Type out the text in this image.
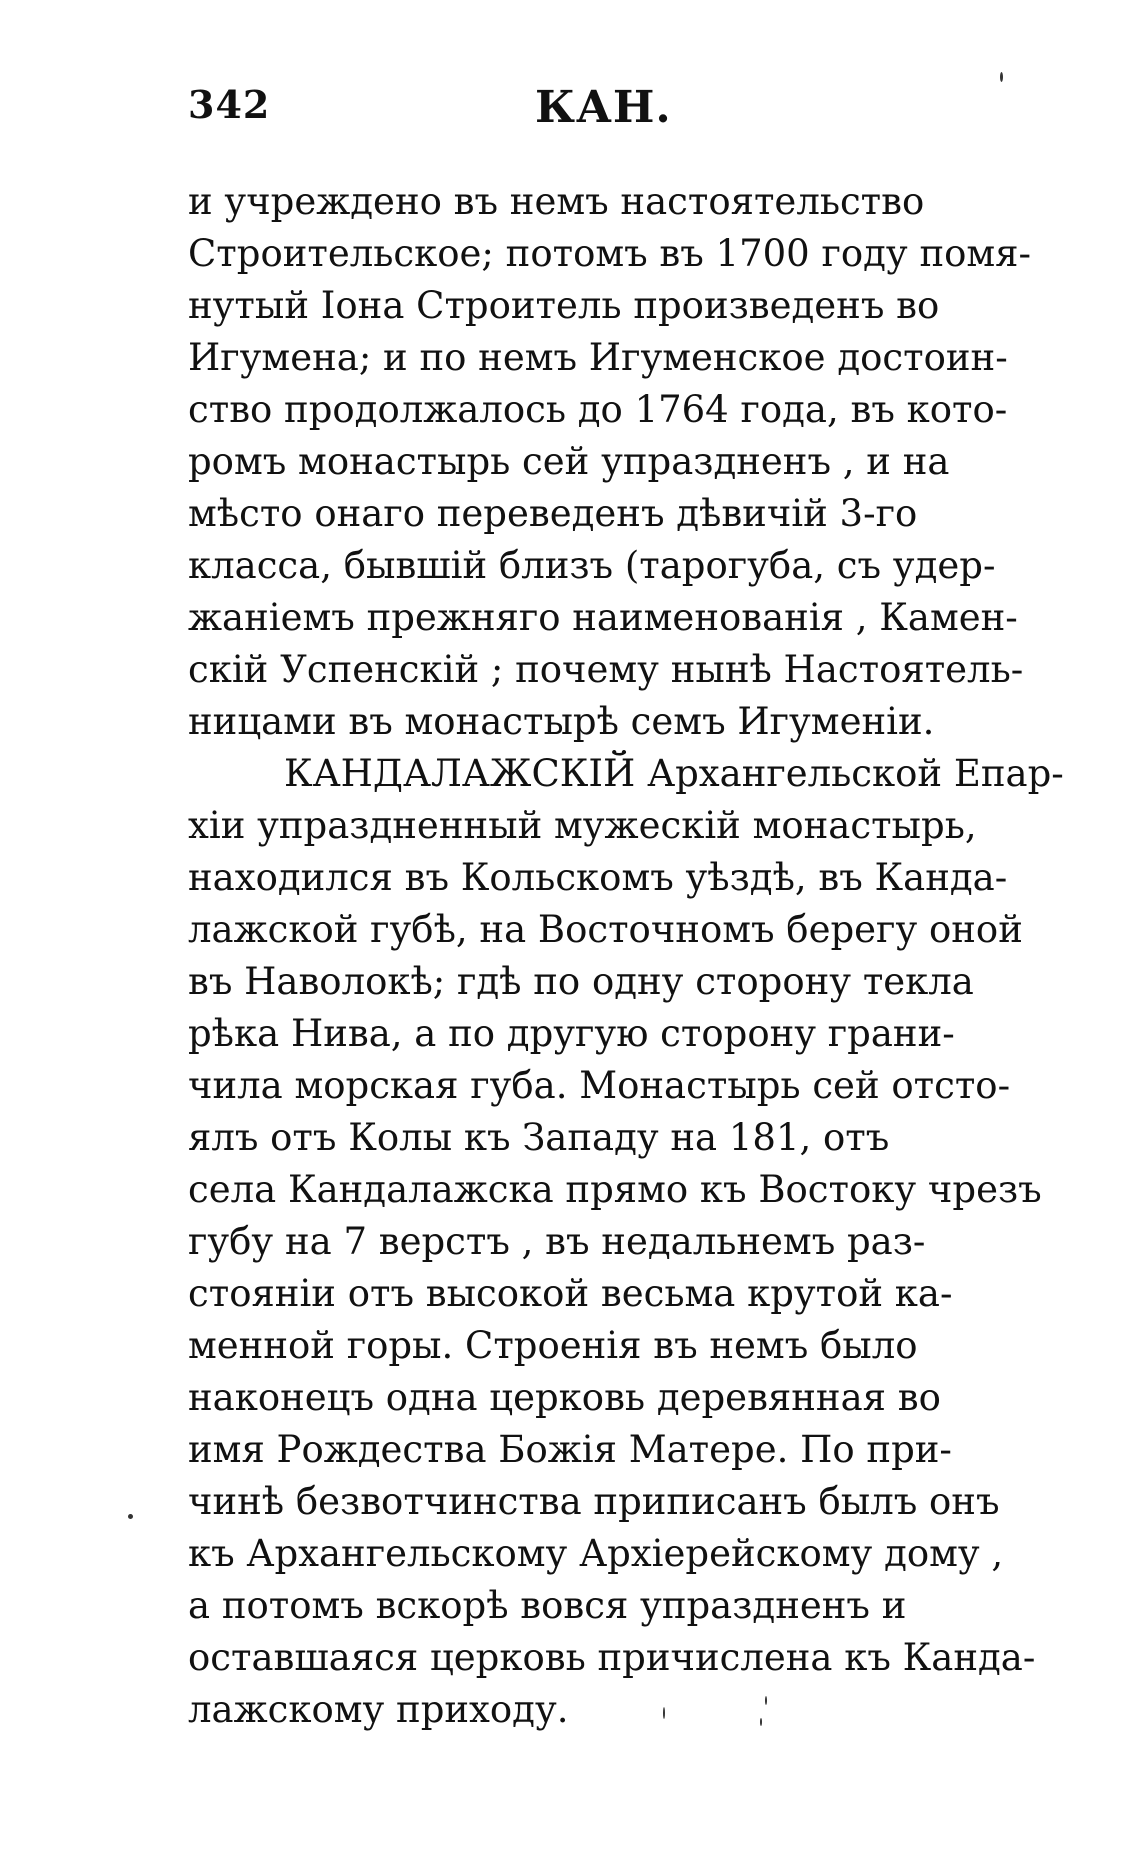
342	КАН.
и учреждено въ немъ настоятельство
Строительское; потомъ въ 1700 году помя-
нутый Iона Строитель произведенъ во
Игумена; и по немъ Игуменское достоин-
ство продолжалось до 1764 года, въ кото-
ромъ монастырь сей упраздненъ , и на
мѣсто онаго переведенъ дѣвичiй 3-го
класса, бывшiй близъ (тарогуба, съ удер-
жанiемъ прежняго наименованiя , Камен-
скiй Успенскiй ; почему нынѣ Настоятель-
ницами въ монастырѣ семъ Игуменiи.
КАНДАЛАЖСКIЙ Архангельской Епар-
хiи упраздненный мужескiй монастырь,
находился въ Кольскомъ уѣздѣ, въ Канда-
лажской губѣ, на Восточномъ берегу оной
въ Наволокѣ; гдѣ по одну сторону текла
рѣка Нива, а по другую сторону грани-
чила морская губа. Монастырь сей отсто-
ялъ отъ Колы къ Западу на 181, отъ
села Кандалажска прямо къ Востоку чрезъ
губу на 7 верстъ , въ недальнемъ раз-
стоянiи отъ высокой весьма крутой ка-
менной горы. Строенiя въ немъ было
наконецъ одна церковь деревянная во
имя Рождества Божiя Матере. По при-
чинѣ безвотчинства приписанъ былъ онъ
къ Архангельскому Архiерейскому дому ,
а потомъ вскорѣ вовся упраздненъ и
оставшаяся церковь причислена къ Канда-
лажскому приходу.
